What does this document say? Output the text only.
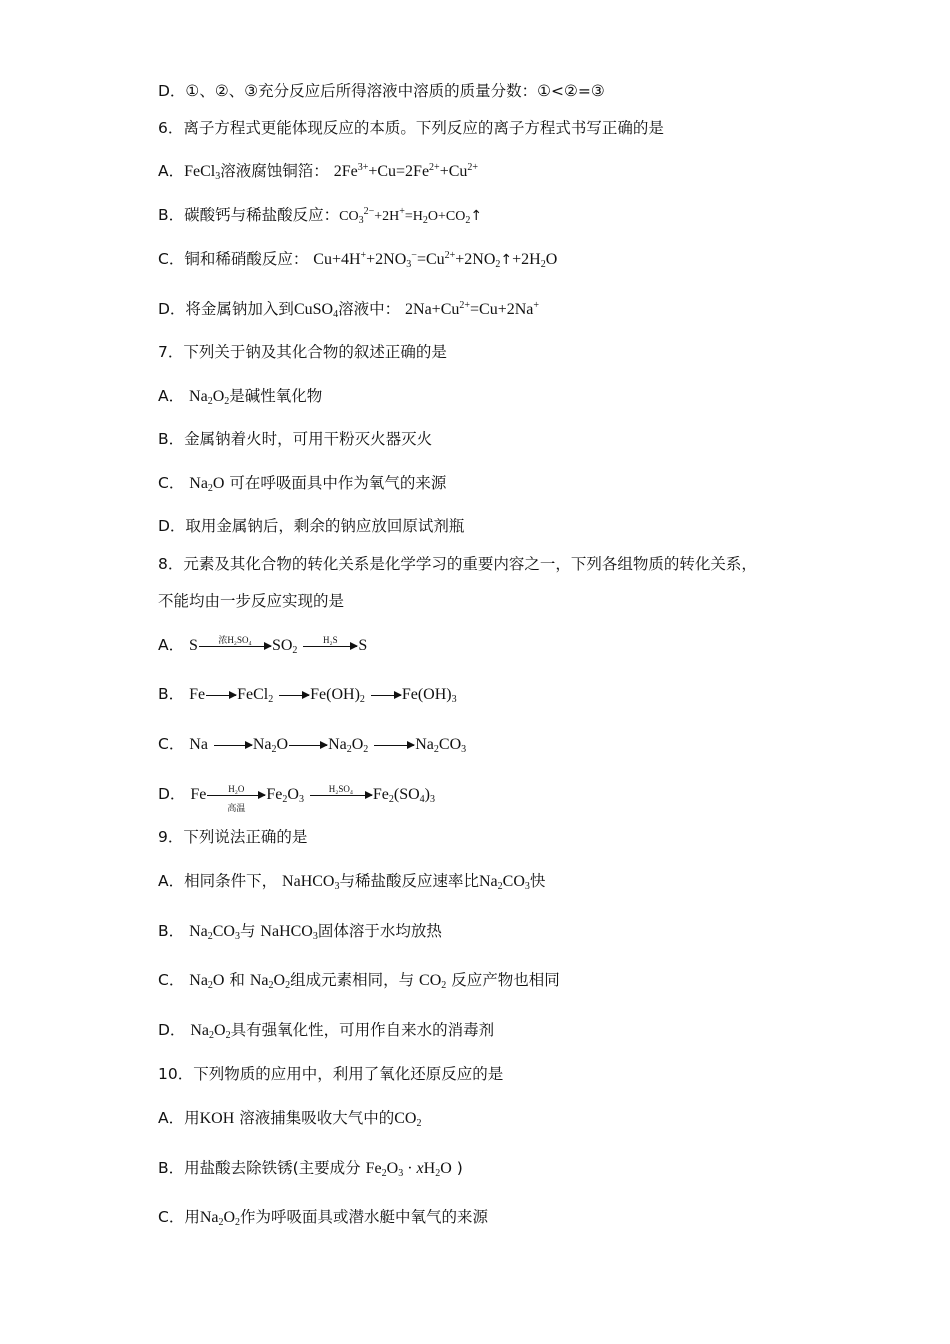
D．①、②、③充分反应后所得溶液中溶质的质量分数：①<②=③
6．离子方程式更能体现反应的本质。下列反应的离子方程式书写正确的是
A．FeCl$_3$溶液腐蚀铜箔： $2Fe^{3+}+Cu=2Fe^{2+}+Cu^{2+}$
B．碳酸钙与稀盐酸反应：$CO_3^{2-}+2H^+=H_2O+CO_2↑$
C．铜和稀硝酸反应： $Cu+4H^++2NO_3^-=Cu^{2+}+2NO_2↑+2H_2O$
D．将金属钠加入到CuSO$_4$溶液中： $2Na+Cu^{2+}=Cu+2Na^+$
7．下列关于钠及其化合物的叙述正确的是
A． $Na_2O_2$是碱性氧化物
B．金属钠着火时，可用干粉灭火器灭火
C． $Na_2O$ 可在呼吸面具中作为氧气的来源
D．取用金属钠后，剩余的钠应放回原试剂瓶
8．元素及其化合物的转化关系是化学学习的重要内容之一，下列各组物质的转化关系，
不能均由一步反应实现的是
A． S	浓H₂SO₄	$SO_2$
H₂S	S
B． Fe FeCl$_2$ $Fe(OH)_2$ $Fe(OH)_3$
C． Na	$Na_2O$	$Na_2O_2$	$Na_2CO_3$
D． Fe	H₂O
高温
$Fe_2O_3$
H₂SO₄	$Fe_2(SO_4)_3$
9．下列说法正确的是
A．相同条件下， NaHCO$_3$与稀盐酸反应速率比$Na_2CO_3$快
B． $Na_2CO_3$与 NaHCO$_3$固体溶于水均放热
C． $Na_2O$ 和 $Na_2O_2$组成元素相同，与 $CO_2$ 反应产物也相同
D． $Na_2O_2$具有强氧化性，可用作自来水的消毒剂
10．下列物质的应用中，利用了氧化还原反应的是
A．用KOH 溶液捕集吸收大气中的$CO_2$
B．用盐酸去除铁锈(主要成分 $Fe_2O_3 \cdot xH_2O$ )
C．用$Na_2O_2$作为呼吸面具或潜水艇中氧气的来源
